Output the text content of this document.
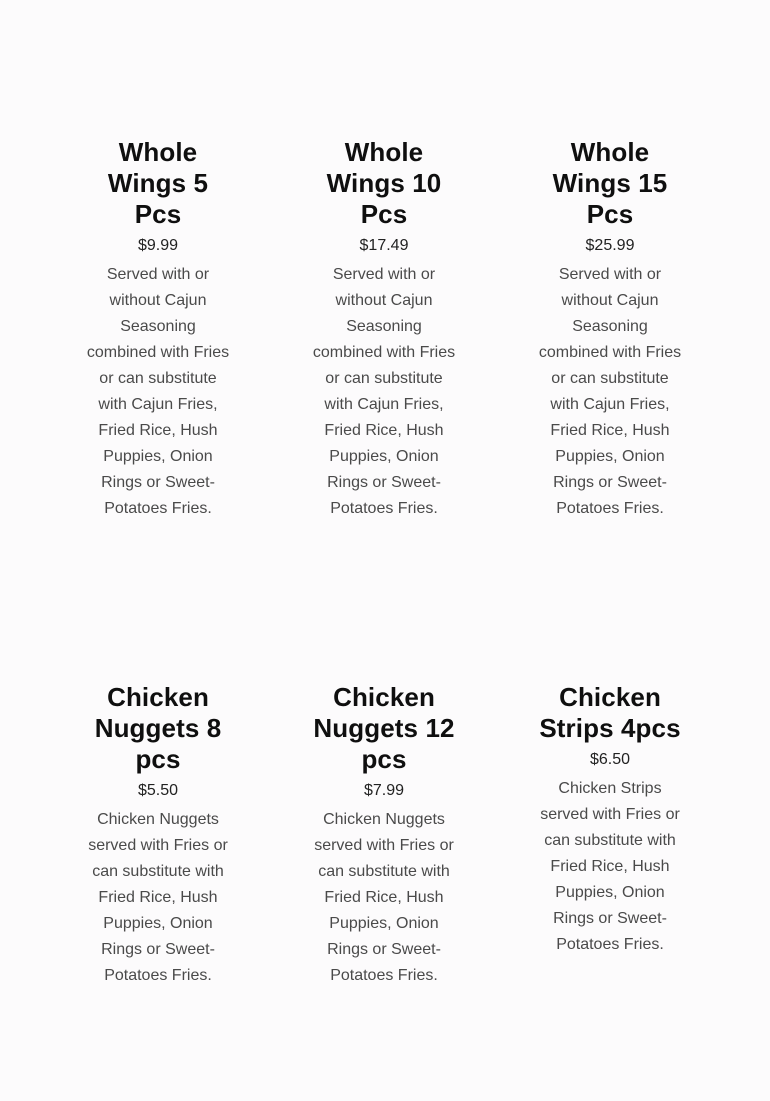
Whole Wings 5 Pcs
$9.99

Served with or without Cajun Seasoning combined with Fries or can substitute with Cajun Fries, Fried Rice, Hush Puppies, Onion Rings or Sweet-Potatoes Fries.

Whole Wings 10 Pcs
$17.49

Served with or without Cajun Seasoning combined with Fries or can substitute with Cajun Fries, Fried Rice, Hush Puppies, Onion Rings or Sweet-Potatoes Fries.

Whole Wings 15 Pcs
$25.99

Served with or without Cajun Seasoning combined with Fries or can substitute with Cajun Fries, Fried Rice, Hush Puppies, Onion Rings or Sweet-Potatoes Fries.

Chicken Nuggets 8 pcs
$5.50

Chicken Nuggets served with Fries or can substitute with Fried Rice, Hush Puppies, Onion Rings or Sweet-Potatoes Fries.

Chicken Nuggets 12 pcs
$7.99

Chicken Nuggets served with Fries or can substitute with Fried Rice, Hush Puppies, Onion Rings or Sweet-Potatoes Fries.

Chicken Strips 4pcs
$6.50

Chicken Strips served with Fries or can substitute with Fried Rice, Hush Puppies, Onion Rings or Sweet-Potatoes Fries.
